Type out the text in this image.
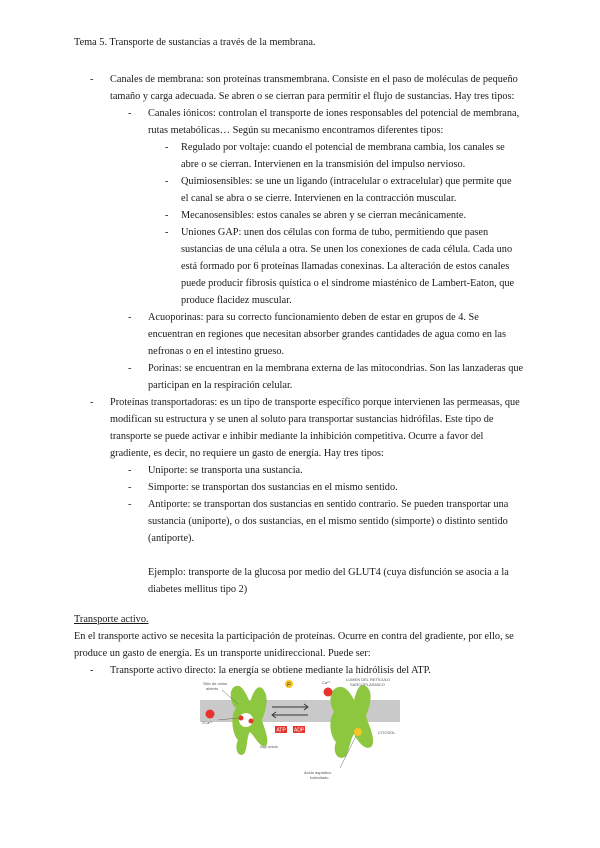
Tema 5. Transporte de sustancias a través de la membrana.
- Canales de membrana: son proteínas transmembrana. Consiste en el paso de moléculas de pequeño
tamaño y carga adecuada. Se abren o se cierran para permitir el flujo de sustancias. Hay tres tipos:
- Canales iónicos: controlan el transporte de iones responsables del potencial de membrana,
rutas metabólicas… Según su mecanismo encontramos diferentes tipos:
- Regulado por voltaje: cuando el potencial de membrana cambia, los canales se
abre o se cierran. Intervienen en la transmisión del impulso nervioso.
- Quimiosensibles: se une un ligando (intracelular o extracelular) que permite que
el canal se abra o se cierre. Intervienen en la contracción muscular.
- Mecanosensibles: estos canales se abren y se cierran mecánicamente.
- Uniones GAP: unen dos células con forma de tubo, permitiendo que pasen
sustancias de una célula a otra. Se unen los conexiones de cada célula. Cada uno
está formado por 6 proteínas llamadas conexinas. La alteración de estos canales
puede producir fibrosis quística o el síndrome miasténico de Lambert-Eaton, que
produce flacidez muscular.
- Acuoporinas: para su correcto funcionamiento deben de estar en grupos de 4. Se
encuentran en regiones que necesitan absorber grandes cantidades de agua como en las
nefronas o en el intestino grueso.
- Porinas: se encuentran en la membrana externa de las mitocondrias. Son las lanzaderas que
participan en la respiración celular.
- Proteínas transportadoras: es un tipo de transporte específico porque intervienen las permeasas, que
modifican su estructura y se unen al soluto para transportar sustancias hidrófilas. Este tipo de
transporte se puede activar e inhibir mediante la inhibición competitiva. Ocurre a favor del
gradiente, es decir, no requiere un gasto de energía. Hay tres tipos:
- Uniporte: se transporta una sustancia.
- Simporte: se transportan dos sustancias en el mismo sentido.
- Antiporte: se transportan dos sustancias en sentido contrario. Se pueden transportar una
sustancia (uniporte), o dos sustancias, en el mismo sentido (simporte) o distinto sentido
(antiporte).
Ejemplo: transporte de la glucosa por medio del GLUT4 (cuya disfunción se asocia a la
diabetes mellitus tipo 2)
Transporte activo.
En el transporte activo se necesita la participación de proteínas. Ocurre en contra del gradiente, por ello, se
produce un gasto de energía. Es un transporte unidireccional. Puede ser:
- Transporte activo directo: la energía se obtiene mediante la hidrólisis del ATP.
P
ATP ADP
Sitio de unión
abierto
2Ca²⁺
Asp unido
Ca²⁺
LUMEN DEL RETÍCULO
SARCOPLÁSMICO
CITOSOL
Ácido aspártico
fosforilado
